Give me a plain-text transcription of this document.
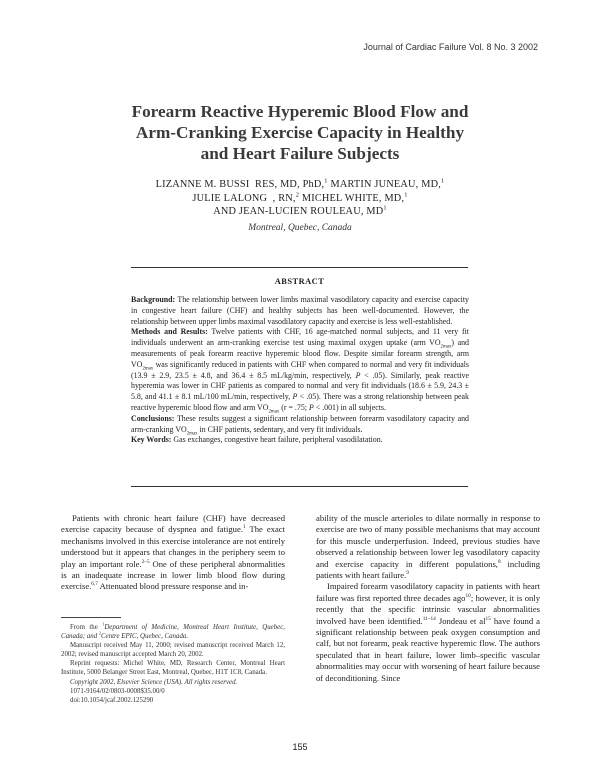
Journal of Cardiac Failure Vol. 8 No. 3 2002
Forearm Reactive Hyperemic Blood Flow and
Arm-Cranking Exercise Capacity in Healthy
and Heart Failure Subjects
LIZANNE M. BUSSI RES, MD, PhD,$^1$ MARTIN JUNEAU, MD,$^1$
JULIE LALONG , RN,$^2$ MICHEL WHITE, MD,$^1$
AND JEAN-LUCIEN ROULEAU, $MD^1$
Montreal, Quebec, Canada
ABSTRACT

Background: The relationship between lower limbs maximal vasodilatory capacity and exercise capacity in congestive heart failure (CHF) and healthy subjects has been well-documented. However, the relationship between upper limbs maximal vasodilatory capacity and exercise is less well-established.

Methods and Results: Twelve patients with CHF, 16 age-matched normal subjects, and 11 very fit individuals underwent an arm-cranking exercise test using maximal oxygen uptake (arm $VO_{2max}$) and measurements of peak forearm reactive hyperemic blood flow. Despite similar forearm strength, arm $VO_{2max}$ was significantly reduced in patients with CHF when compared to normal and very fit individuals (13.9 ± 2.9, 23.5 ± 4.8, and 36.4 ± 8.5 mL/kg/min, respectively, P < .05). Similarly, peak reactive hyperemia was lower in CHF patients as compared to normal and very fit individuals (18.6 ± 5.9, 24.3 ± 5.8, and 41.1 ± 8.1 mL/100 mL/min, respectively, P < .05). There was a strong relationship between peak reactive hyperemic blood flow and arm $VO_{2max}$ (r = .75; P < .001) in all subjects.

Conclusions: These results suggest a significant relationship between forearm vasodilatory capacity and arm-cranking $VO_{2max}$ in CHF patients, sedentary, and very fit individuals.

Key Words: Gas exchanges, congestive heart failure, peripheral vasodilatation.

Patients with chronic heart failure (CHF) have decreased exercise capacity because of dyspnea and fatigue.$^1$ The exact mechanisms involved in this exercise intolerance are not entirely understood but it appears that changes in the periphery seem to play an important role.$^{2-5}$ One of these peripheral abnormalities is an inadequate increase in lower limb blood flow during exercise.$^{6,7}$ Attenuated blood pressure response and in-

From the $^1$Department of Medicine, Montreal Heart Institute, Quebec, Canada; and $^2$Centre EPIC, Quebec, Canada.

Manuscript received May 11, 2000; revised manuscript received March 12, 2002; revised manuscript accepted March 20, 2002.

Reprint requests: Michel White, MD, Research Center, Montreal Heart Institute, 5000 Belanger Street East, Montreal, Quebec, H1T 1C8, Canada.

Copyright 2002, Elsevier Science (USA). All rights reserved.

1071-9164/02/0803-0008$35.00/0

doi:10.1054/jcaf.2002.125290

ability of the muscle arterioles to dilate normally in response to exercise are two of many possible mechanisms that may account for this muscle underperfusion. Indeed, previous studies have observed a relationship between lower leg vasodilatory capacity and exercise capacity in different populations,$^8$ including patients with heart failure.$^9$

Impaired forearm vasodilatory capacity in patients with heart failure was first reported three decades ago$^{10}$; however, it is only recently that the specific intrinsic vascular abnormalities involved have been identified.$^{11-14}$ Jondeau et $al^{15}$ have found a significant relationship between peak oxygen consumption and calf, but not forearm, peak reactive hyperemic flow. The authors speculated that in heart failure, lower limb–specific vascular abnormalities may occur with worsening of heart failure because of deconditioning. Since

155
